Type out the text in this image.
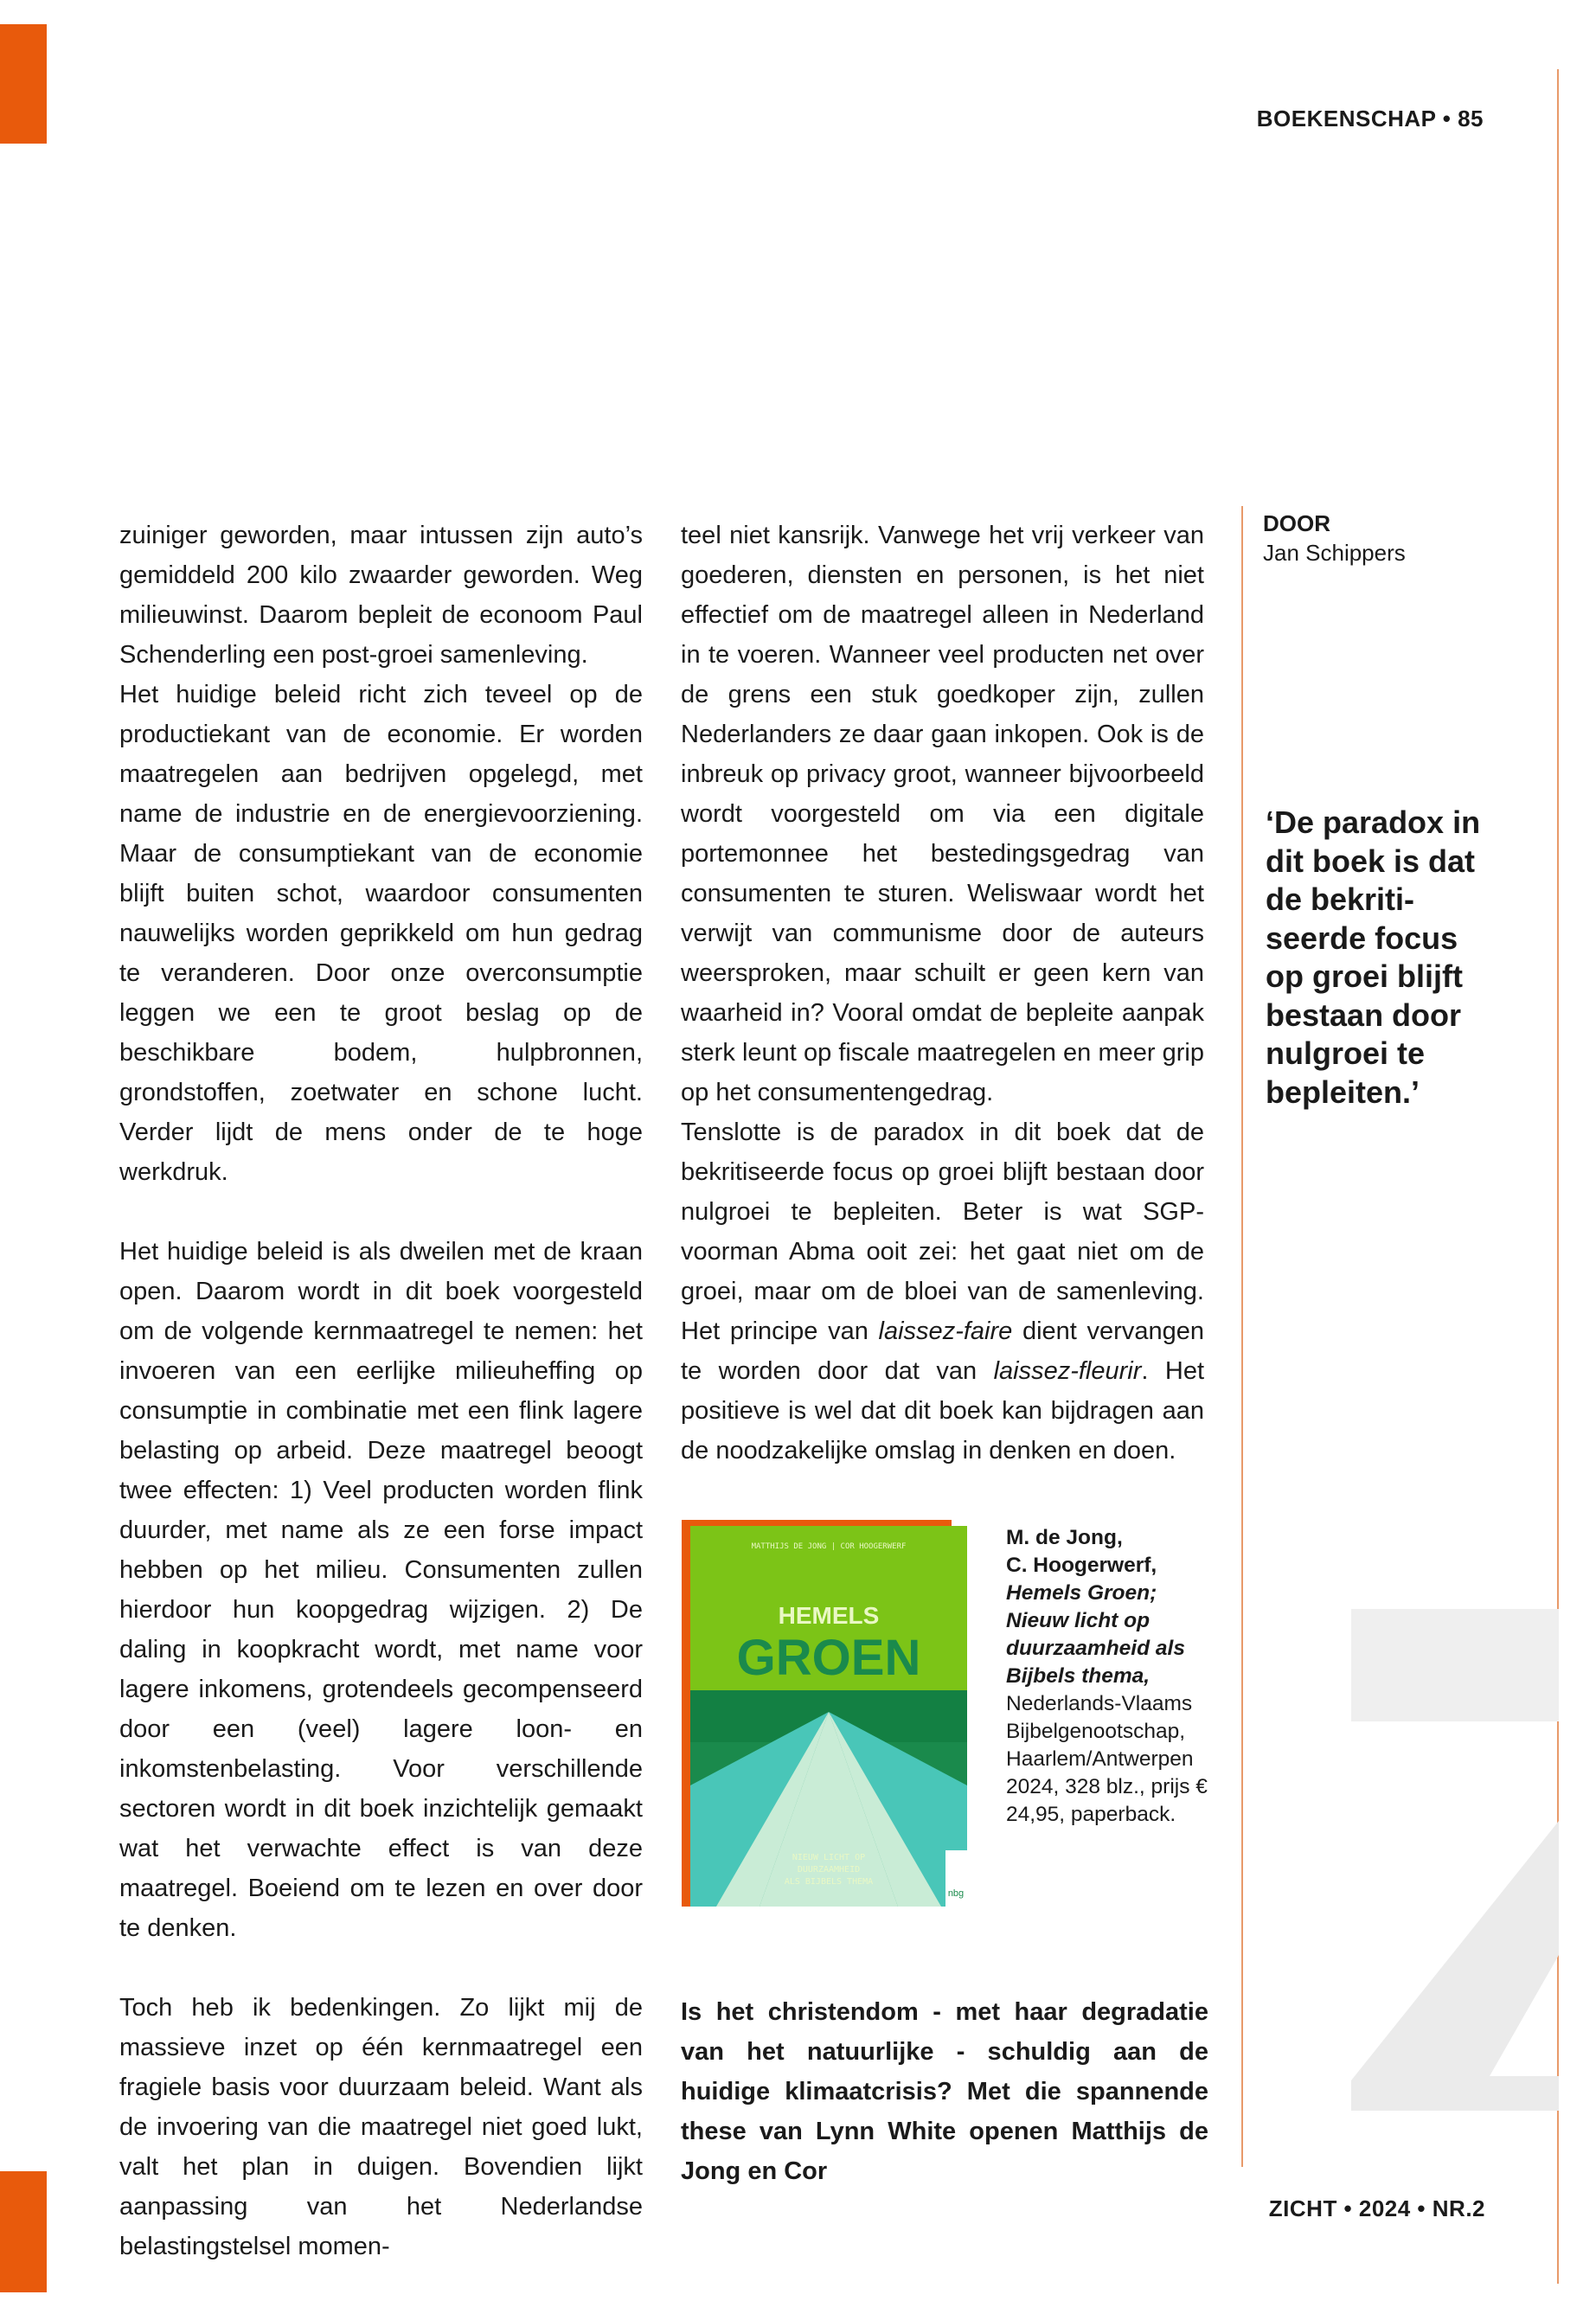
BOEKENSCHAP • 85
ZICHT • 2024 • NR.2

zuiniger geworden, maar intussen zijn auto’s gemiddeld 200 kilo zwaarder geworden. Weg milieuwinst. Daarom bepleit de econoom Paul Schenderling een post-groei samenleving.

Het huidige beleid richt zich teveel op de productiekant van de economie. Er worden maatregelen aan bedrijven opgelegd, met name de industrie en de energievoorziening. Maar de consumptiekant van de economie blijft buiten schot, waardoor consumenten nauwelijks worden geprikkeld om hun gedrag te veranderen. Door onze overconsumptie leggen we een te groot beslag op de beschikbare bodem, hulpbronnen, grondstoffen, zoetwater en schone lucht. Verder lijdt de mens onder de te hoge werkdruk.

Het huidige beleid is als dweilen met de kraan open. Daarom wordt in dit boek voorgesteld om de volgende kernmaatregel te nemen: het invoeren van een eerlijke milieuheffing op consumptie in combinatie met een flink lagere belasting op arbeid. Deze maatregel beoogt twee effecten: 1) Veel producten worden flink duurder, met name als ze een forse impact hebben op het milieu. Consumenten zullen hierdoor hun koopgedrag wijzigen. 2) De daling in koopkracht wordt, met name voor lagere inkomens, grotendeels gecompenseerd door een (veel) lagere loon- en inkomstenbelasting. Voor verschillende sectoren wordt in dit boek inzichtelijk gemaakt wat het verwachte effect is van deze maatregel. Boeiend om te lezen en over door te denken.

Toch heb ik bedenkingen. Zo lijkt mij de massieve inzet op één kernmaatregel een fragiele basis voor duurzaam beleid. Want als de invoering van die maatregel niet goed lukt, valt het plan in duigen. Bovendien lijkt aanpassing van het Nederlandse belastingstelsel momen-

teel niet kansrijk. Vanwege het vrij verkeer van goederen, diensten en personen, is het niet effectief om de maatregel alleen in Nederland in te voeren. Wanneer veel producten net over de grens een stuk goedkoper zijn, zullen Nederlanders ze daar gaan inkopen. Ook is de inbreuk op privacy groot, wanneer bijvoorbeeld wordt voorgesteld om via een digitale portemonnee het bestedingsgedrag van consumenten te sturen. Weliswaar wordt het verwijt van communisme door de auteurs weersproken, maar schuilt er geen kern van waarheid in? Vooral omdat de bepleite aanpak sterk leunt op fiscale maatregelen en meer grip op het consumentengedrag.

Tenslotte is de paradox in dit boek dat de bekritiseerde focus op groei blijft bestaan door nulgroei te bepleiten. Beter is wat SGP-voorman Abma ooit zei: het gaat niet om de groei, maar om de bloei van de samenleving. Het principe van laissez-faire dient vervangen te worden door dat van laissez-fleurir. Het positieve is wel dat dit boek kan bijdragen aan de noodzakelijke omslag in denken en doen.

DOOR
Jan Schippers
‘De paradox in dit boek is dat de bekriti-seerde focus op groei blijft bestaan door nulgroei te bepleiten.’
MATTHIJS DE JONG | COR HOOGERWERF
HEMELS
GROEN
NIEUW LICHT OP
DUURZAAMHEID
ALS BIJBELS THEMA
nbg
M. de Jong,
C. Hoogerwerf,
Hemels Groen; Nieuw licht op duurzaamheid als Bijbels thema,
Nederlands-Vlaams Bijbelgenootschap, Haarlem/Antwerpen 2024, 328 blz., prijs € 24,95, paperback.

Is het christendom - met haar degradatie van het natuurlijke - schuldig aan de huidige klimaatcrisis? Met die spannende these van Lynn White openen Matthijs de Jong en Cor
